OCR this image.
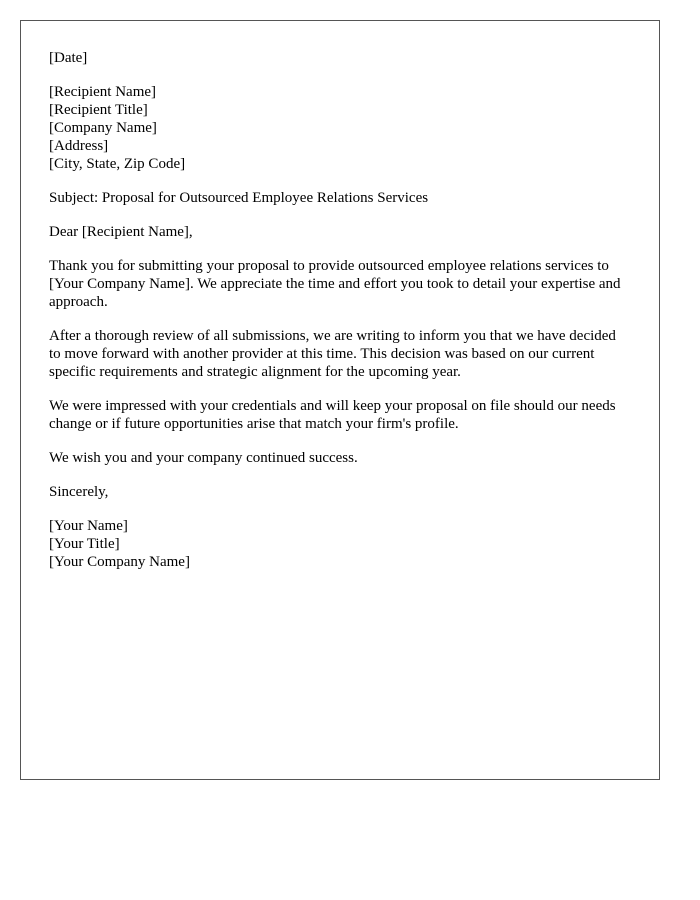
[Date]
[Recipient Name]
[Recipient Title]
[Company Name]
[Address]
[City, State, Zip Code]
Subject: Proposal for Outsourced Employee Relations Services
Dear [Recipient Name],

Thank you for submitting your proposal to provide outsourced employee relations services to [Your Company Name]. We appreciate the time and effort you took to detail your expertise and approach.

After a thorough review of all submissions, we are writing to inform you that we have decided to move forward with another provider at this time. This decision was based on our current specific requirements and strategic alignment for the upcoming year.

We were impressed with your credentials and will keep your proposal on file should our needs change or if future opportunities arise that match your firm's profile.

We wish you and your company continued success.

Sincerely,
[Your Name]
[Your Title]
[Your Company Name]
